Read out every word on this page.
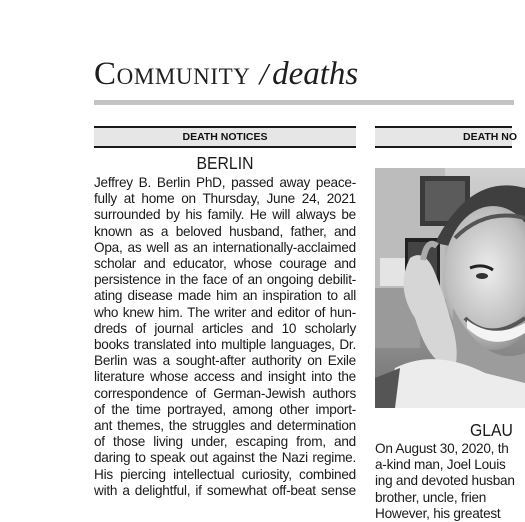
Community / deaths
DEATH NOTICES	DEATH NO
BERLIN

Jeffrey B. Berlin PhD, passed away peace-
fully at home on Thursday, June 24, 2021
surrounded by his family. He will always be
known as a beloved husband, father, and
Opa, as well as an internationally-acclaimed
scholar and educator, whose courage and
persistence in the face of an ongoing debilit-
ating disease made him an inspiration to all
who knew him. The writer and editor of hun-
dreds of journal articles and 10 scholarly
books translated into multiple languages, Dr.
Berlin was a sought-after authority on Exile
literature whose access and insight into the
correspondence of German-Jewish authors
of the time portrayed, among other import-
ant themes, the struggles and determination
of those living under, escaping from, and
daring to speak out against the Nazi regime.
His piercing intellectual curiosity, combined
with a delightful, if somewhat off-beat sense

GLAU
On August 30, 2020, th
a-kind man, Joel Louis
ing and devoted husban
brother, uncle, frien
However, his greatest
